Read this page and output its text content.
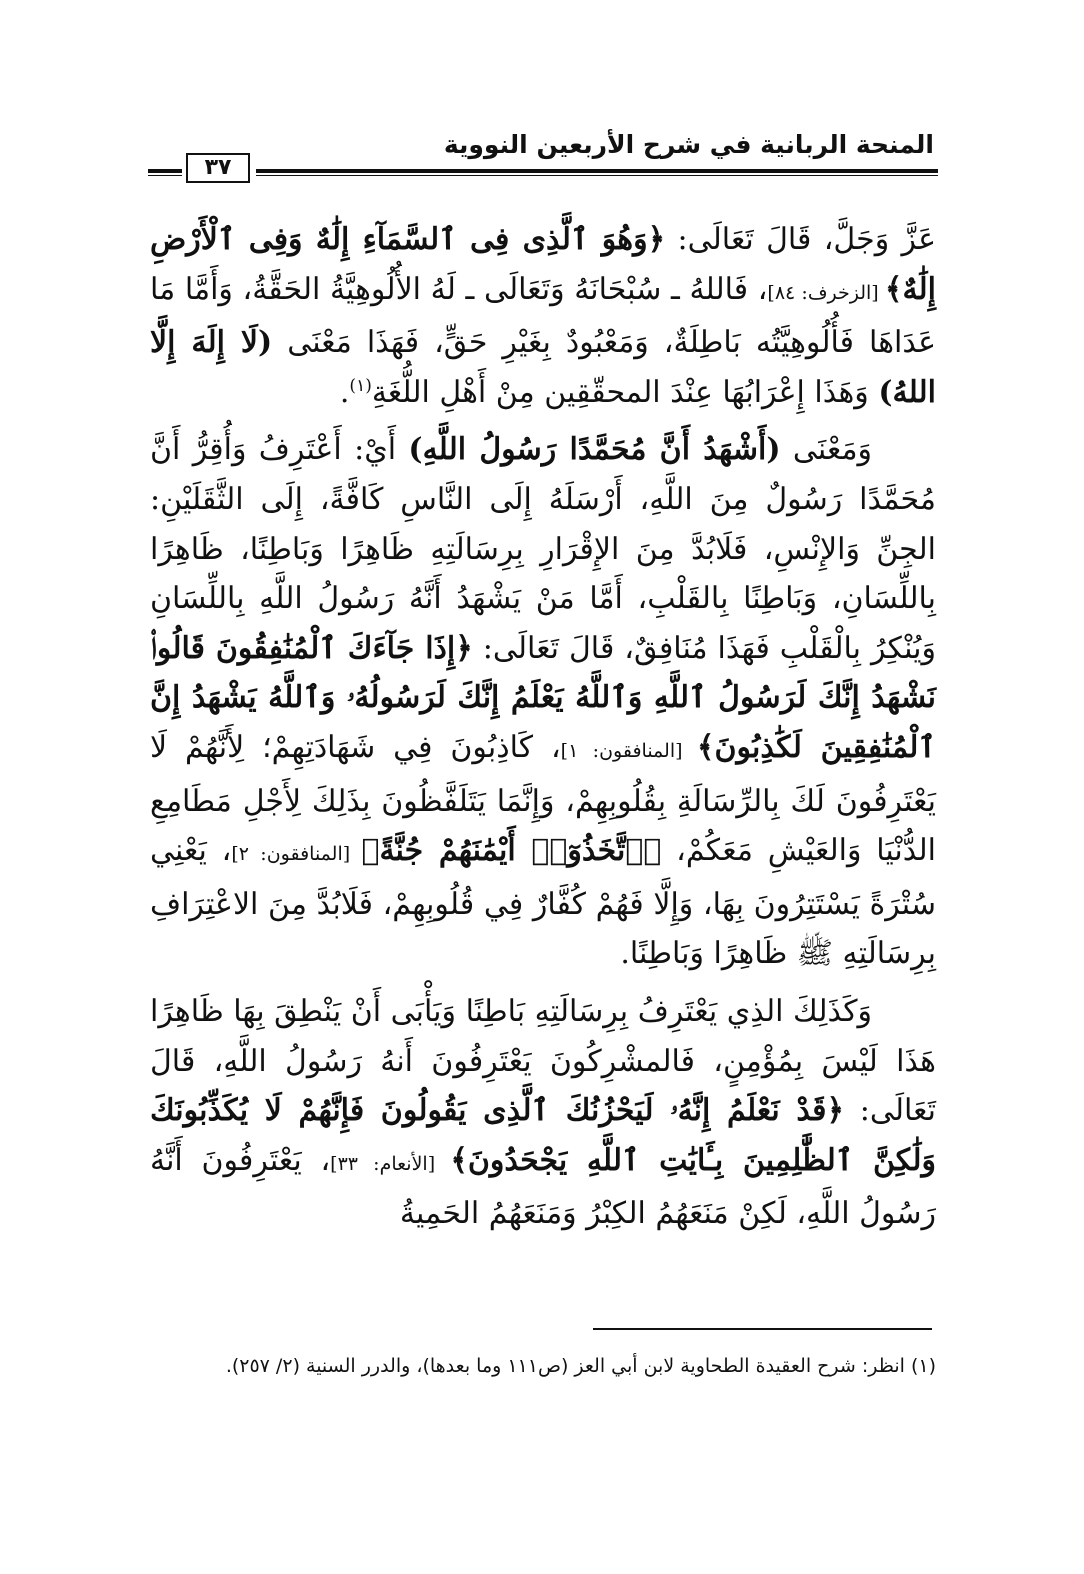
المنحة الربانية في شرح الأربعين النووية
٣٧

عَزَّ وَجَلَّ، قَالَ تَعَالَى: ﴿وَهُوَ ٱلَّذِى فِى ٱلسَّمَآءِ إِلَٰهٌ وَفِى ٱلْأَرْضِ إِلَٰهٌ﴾ [الزخرف: ٨٤]، فَاللهُ ـ سُبْحَانَهُ وَتَعَالَى ـ لَهُ الأُلُوهِيَّةُ الحَقَّةُ، وَأَمَّا مَا عَدَاهَا فَأُلُوهِيَّتُه بَاطِلَةٌ، وَمَعْبُودٌ بِغَيْرِ حَقٍّ، فَهَذَا مَعْنَى (لَا إِلَهَ إِلَّا اللهُ) وَهَذَا إِعْرَابُهَا عِنْدَ المحقّقِين مِنْ أَهْلِ اللُّغَةِ$^{(١)}$.

وَمَعْنَى (أَشْهَدُ أَنَّ مُحَمَّدًا رَسُولُ اللَّهِ) أَيْ: أَعْتَرِفُ وَأُقِرُّ أَنَّ مُحَمَّدًا رَسُولٌ مِنَ اللَّهِ، أَرْسَلَهُ إِلَى النَّاسِ كَافَّةً، إِلَى الثَّقَلَيْنِ: الجِنِّ وَالإِنْسِ، فَلَابُدَّ مِنَ الإِقْرَارِ بِرِسَالَتِهِ ظَاهِرًا وَبَاطِنًا، ظَاهِرًا بِاللِّسَانِ، وَبَاطِنًا بِالقَلْبِ، أَمَّا مَنْ يَشْهَدُ أَنَّهُ رَسُولُ اللَّهِ بِاللِّسَانِ وَيُنْكِرُ بِالْقَلْبِ فَهَذَا مُنَافِقٌ، قَالَ تَعَالَى: ﴿إِذَا جَآءَكَ ٱلْمُنَٰفِقُونَ قَالُوا۟ نَشْهَدُ إِنَّكَ لَرَسُولُ ٱللَّهِ وَٱللَّهُ يَعْلَمُ إِنَّكَ لَرَسُولُهُۥ وَٱللَّهُ يَشْهَدُ إِنَّ ٱلْمُنَٰفِقِينَ لَكَٰذِبُونَ﴾ [المنافقون: ١]، كَاذِبُونَ فِي شَهَادَتِهِمْ؛ لِأَنَّهُمْ لَا يَعْتَرِفُونَ لَكَ بِالرِّسَالَةِ بِقُلُوبِهِمْ، وَإِنَّمَا يَتَلَفَّظُونَ بِذَلِكَ لِأَجْلِ مَطَامِعِ الدُّنْيَا وَالعَيْشِ مَعَكُمْ، ﴿ٱتَّخَذُوٓا۟ أَيْمَٰنَهُمْ جُنَّةً﴾ [المنافقون: ٢]، يَعْنِي سُتْرَةً يَسْتَتِرُونَ بِهَا، وَإِلَّا فَهُمْ كُفَّارٌ فِي قُلُوبِهِمْ، فَلَابُدَّ مِنَ الاعْتِرَافِ بِرِسَالَتِهِ ﷺ ظَاهِرًا وَبَاطِنًا.

وَكَذَلِكَ الذِي يَعْتَرِفُ بِرِسَالَتِهِ بَاطِنًا وَيَأْبَى أَنْ يَنْطِقَ بِهَا ظَاهِرًا هَذَا لَيْسَ بِمُؤْمِنٍ، فَالمشْرِكُونَ يَعْتَرِفُونَ أَنهُ رَسُولُ اللَّهِ، قَالَ تَعَالَى: ﴿قَدْ نَعْلَمُ إِنَّهُۥ لَيَحْزُنُكَ ٱلَّذِى يَقُولُونَ فَإِنَّهُمْ لَا يُكَذِّبُونَكَ وَلَٰكِنَّ ٱلظَّٰلِمِينَ بِـَٔايَٰتِ ٱللَّهِ يَجْحَدُونَ﴾ [الأنعام: ٣٣]، يَعْتَرِفُونَ أَنَّهُ رَسُولُ اللَّهِ، لَكِنْ مَنَعَهُمُ الكِبْرُ وَمَنَعَهُمُ الحَمِيةُ

(١) انظر: شرح العقيدة الطحاوية لابن أبي العز (ص١١١ وما بعدها)، والدرر السنية (٢/ ٢٥٧).
